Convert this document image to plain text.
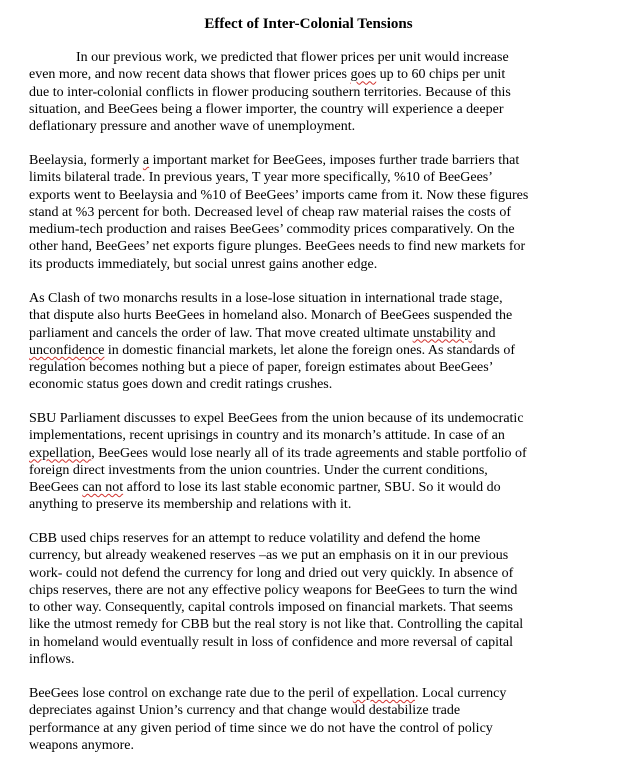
Effect of Inter-Colonial Tensions

In our previous work, we predicted that flower prices per unit would increase
even more, and now recent data shows that flower prices goes up to 60 chips per unit
due to inter-colonial conflicts in flower producing southern territories. Because of this
situation, and BeeGees being a flower importer, the country will experience a deeper
deflationary pressure and another wave of unemployment.

Beelaysia, formerly a important market for BeeGees, imposes further trade barriers that
limits bilateral trade. In previous years, T year more specifically, %10 of BeeGees’
exports went to Beelaysia and %10 of BeeGees’ imports came from it. Now these figures
stand at %3 percent for both. Decreased level of cheap raw material raises the costs of
medium-tech production and raises BeeGees’ commodity prices comparatively. On the
other hand, BeeGees’ net exports figure plunges. BeeGees needs to find new markets for
its products immediately, but social unrest gains another edge.

As Clash of two monarchs results in a lose-lose situation in international trade stage,
that dispute also hurts BeeGees in homeland also. Monarch of BeeGees suspended the
parliament and cancels the order of law. That move created ultimate unstability and
unconfidence in domestic financial markets, let alone the foreign ones. As standards of
regulation becomes nothing but a piece of paper, foreign estimates about BeeGees’
economic status goes down and credit ratings crushes.

SBU Parliament discusses to expel BeeGees from the union because of its undemocratic
implementations, recent uprisings in country and its monarch’s attitude. In case of an
expellation, BeeGees would lose nearly all of its trade agreements and stable portfolio of
foreign direct investments from the union countries. Under the current conditions,
BeeGees can not afford to lose its last stable economic partner, SBU. So it would do
anything to preserve its membership and relations with it.

CBB used chips reserves for an attempt to reduce volatility and defend the home
currency, but already weakened reserves –as we put an emphasis on it in our previous
work- could not defend the currency for long and dried out very quickly. In absence of
chips reserves, there are not any effective policy weapons for BeeGees to turn the wind
to other way. Consequently, capital controls imposed on financial markets. That seems
like the utmost remedy for CBB but the real story is not like that. Controlling the capital
in homeland would eventually result in loss of confidence and more reversal of capital
inflows.

BeeGees lose control on exchange rate due to the peril of expellation. Local currency
depreciates against Union’s currency and that change would destabilize trade
performance at any given period of time since we do not have the control of policy
weapons anymore.
